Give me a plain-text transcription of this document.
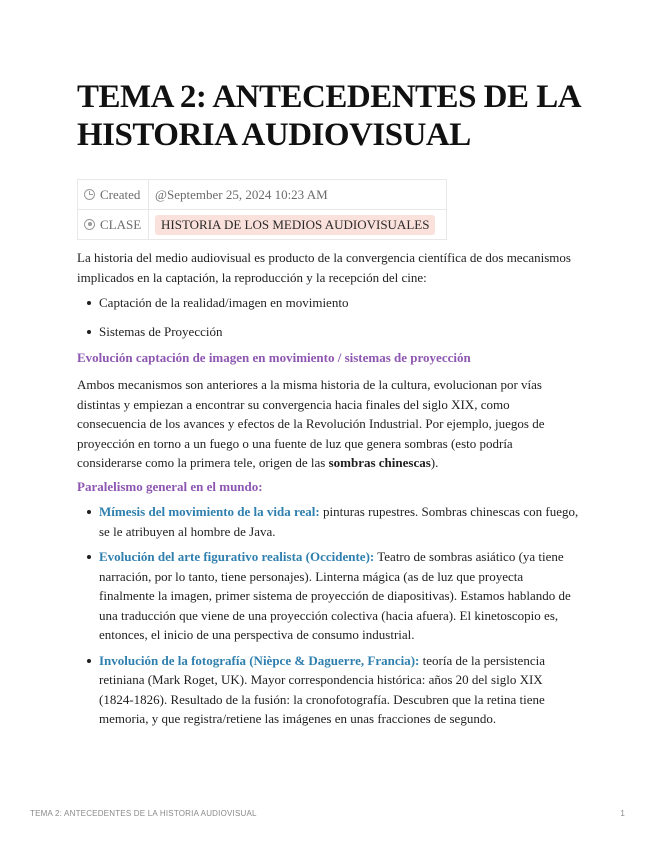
TEMA 2: ANTECEDENTES DE LA HISTORIA AUDIOVISUAL
Created	@September 25, 2024 10:23 AM
CLASE	HISTORIA DE LOS MEDIOS AUDIOVISUALES

La historia del medio audiovisual es producto de la convergencia científica de dos mecanismos implicados en la captación, la reproducción y la recepción del cine:

Captación de la realidad/imagen en movimiento
Sistemas de Proyección
Evolución captación de imagen en movimiento / sistemas de proyección

Ambos mecanismos son anteriores a la misma historia de la cultura, evolucionan por vías distintas y empiezan a encontrar su convergencia hacia finales del siglo XIX, como consecuencia de los avances y efectos de la Revolución Industrial. Por ejemplo, juegos de proyección en torno a un fuego o una fuente de luz que genera sombras (esto podría considerarse como la primera tele, origen de las sombras chinescas).

Paralelismo general en el mundo:
Mímesis del movimiento de la vida real: pinturas rupestres. Sombras chinescas con fuego, se le atribuyen al hombre de Java.
Evolución del arte figurativo realista (Occidente): Teatro de sombras asiático (ya tiene narración, por lo tanto, tiene personajes). Linterna mágica (as de luz que proyecta finalmente la imagen, primer sistema de proyección de diapositivas). Estamos hablando de una traducción que viene de una proyección colectiva (hacia afuera). El kinetoscopio es, entonces, el inicio de una perspectiva de consumo industrial.
Involución de la fotografía (Nièpce & Daguerre, Francia): teoría de la persistencia retiniana (Mark Roget, UK). Mayor correspondencia histórica: años 20 del siglo XIX (1824-1826). Resultado de la fusión: la cronofotografía. Descubren que la retina tiene memoria, y que registra/retiene las imágenes en unas fracciones de segundo.
TEMA 2: ANTECEDENTES DE LA HISTORIA AUDIOVISUAL	1
